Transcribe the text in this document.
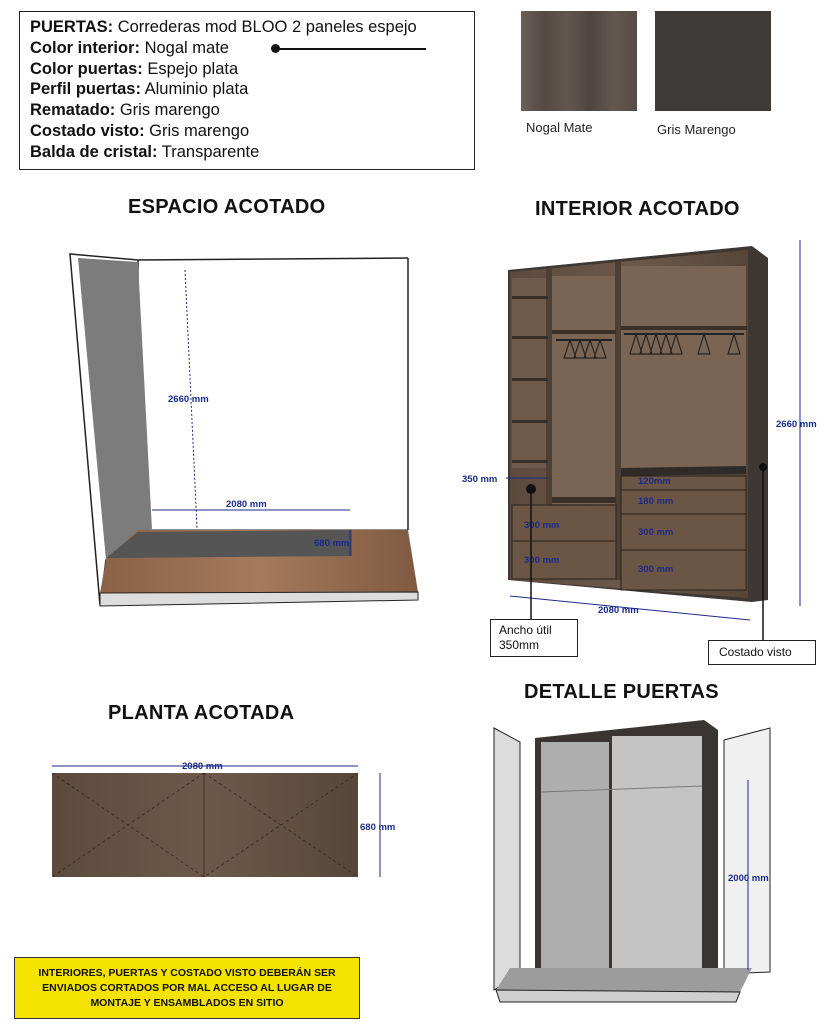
PUERTAS: Correderas mod BLOO 2 paneles espejo
Color interior: Nogal mate
Color puertas: Espejo plata
Perfil puertas: Aluminio plata
Rematado: Gris marengo
Costado visto: Gris marengo
Balda de cristal: Transparente
Nogal Mate	Gris Marengo
ESPACIO ACOTADO	INTERIOR ACOTADO
PLANTA ACOTADA
DETALLE PUERTAS
2660 mm
2080 mm
680 mm
2660 mm
2080 mm
350 mm
300 mm
300 mm
120mm
180 mm
300 mm
300 mm
Ancho útil 350mm	Costado visto
2080 mm
680 mm
2000 mm
INTERIORES, PUERTAS Y COSTADO VISTO DEBERÁN SER ENVIADOS CORTADOS POR MAL ACCESO AL LUGAR DE MONTAJE Y ENSAMBLADOS EN SITIO
